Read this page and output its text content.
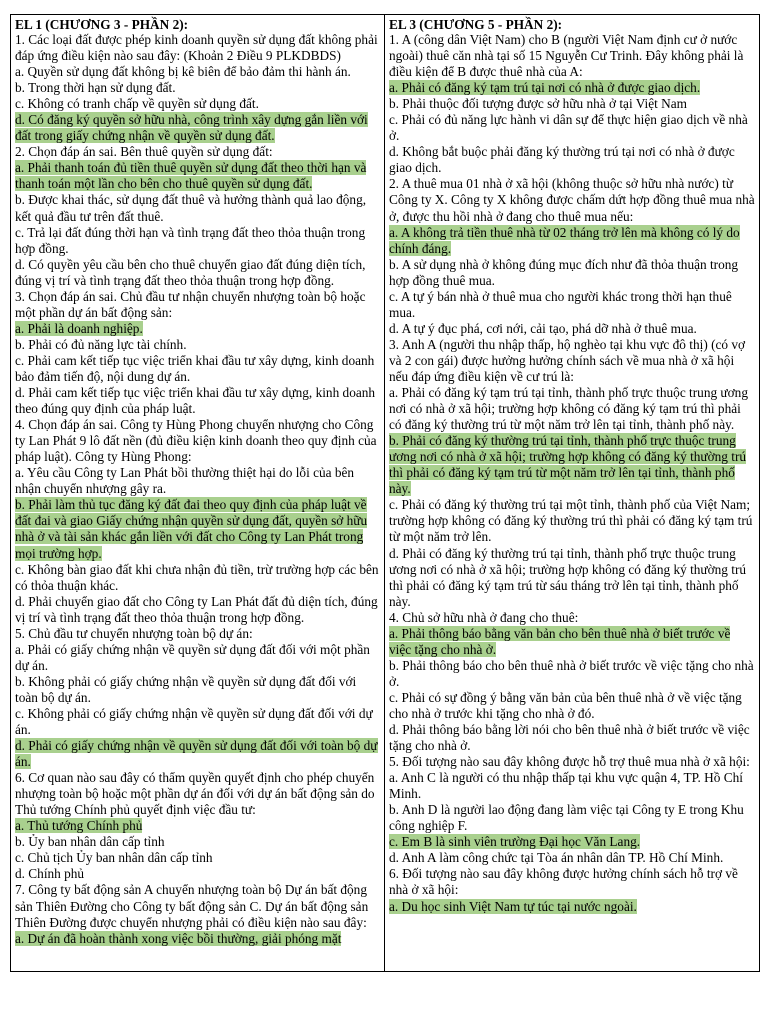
EL 1 (CHƯƠNG 3 - PHẦN 2):

1. Các loại đất được phép kinh doanh quyền sử dụng đất không phải đáp ứng điều kiện nào sau đây: (Khoản 2 Điều 9 PLKDBDS)

a. Quyền sử dụng đất không bị kê biên để bảo đảm thi hành án.

b. Trong thời hạn sử dụng đất.

c. Không có tranh chấp về quyền sử dụng đất.

d. Có đăng ký quyền sở hữu nhà, công trình xây dựng gắn liền với đất trong giấy chứng nhận về quyền sử dụng đất.

2. Chọn đáp án sai. Bên thuê quyền sử dụng đất:

a. Phải thanh toán đủ tiền thuê quyền sử dụng đất theo thời hạn và thanh toán một lần cho bên cho thuê quyền sử dụng đất.

b. Được khai thác, sử dụng đất thuê và hưởng thành quả lao động, kết quả đầu tư trên đất thuê.

c. Trả lại đất đúng thời hạn và tình trạng đất theo thỏa thuận trong hợp đồng.

d. Có quyền yêu cầu bên cho thuê chuyển giao đất đúng diện tích, đúng vị trí và tình trạng đất theo thỏa thuận trong hợp đồng.

3. Chọn đáp án sai. Chủ đầu tư nhận chuyển nhượng toàn bộ hoặc một phần dự án bất động sản:

a. Phải là doanh nghiệp.

b. Phải có đủ năng lực tài chính.

c. Phải cam kết tiếp tục việc triển khai đầu tư xây dựng, kinh doanh bảo đảm tiến độ, nội dung dự án.

d. Phải cam kết tiếp tục việc triển khai đầu tư xây dựng, kinh doanh theo đúng quy định của pháp luật.

4. Chọn đáp án sai. Công ty Hùng Phong chuyển nhượng cho Công ty Lan Phát 9 lô đất nền (đủ điều kiện kinh doanh theo quy định của pháp luật). Công ty Hùng Phong:

a. Yêu cầu Công ty Lan Phát bồi thường thiệt hại do lỗi của bên nhận chuyển nhượng gây ra.

b. Phải làm thủ tục đăng ký đất đai theo quy định của pháp luật về đất đai và giao Giấy chứng nhận quyền sử dụng đất, quyền sở hữu nhà ở và tài sản khác gắn liền với đất cho Công ty Lan Phát trong mọi trường hợp.

c. Không bàn giao đất khi chưa nhận đủ tiền, trừ trường hợp các bên có thỏa thuận khác.

d. Phải chuyển giao đất cho Công ty Lan Phát đất đủ diện tích, đúng vị trí và tình trạng đất theo thỏa thuận trong hợp đồng.

5. Chủ đầu tư chuyển nhượng toàn bộ dự án:

a. Phải có giấy chứng nhận về quyền sử dụng đất đối với một phần dự án.

b. Không phải có giấy chứng nhận về quyền sử dụng đất đối với toàn bộ dự án.

c. Không phải có giấy chứng nhận về quyền sử dụng đất đối với dự án.

d. Phải có giấy chứng nhận về quyền sử dụng đất đối với toàn bộ dự án.

6. Cơ quan nào sau đây có thẩm quyền quyết định cho phép chuyển nhượng toàn bộ hoặc một phần dự án đối với dự án bất động sản do Thủ tướng Chính phủ quyết định việc đầu tư:

a. Thủ tướng Chính phủ

b. Ủy ban nhân dân cấp tỉnh

c. Chủ tịch Ủy ban nhân dân cấp tỉnh

d. Chính phủ

7. Công ty bất động sản A chuyển nhượng toàn bộ Dự án bất động sản Thiên Đường cho Công ty bất động sản C. Dự án bất động sản Thiên Đường được chuyển nhượng phải có điều kiện nào sau đây:

a. Dự án đã hoàn thành xong việc bồi thường, giải phóng mặt

EL 3 (CHƯƠNG 5 - PHẦN 2):

1. A (công dân Việt Nam) cho B (người Việt Nam định cư ở nước ngoài) thuê căn nhà tại số 15 Nguyễn Cư Trinh. Đây không phải là điều kiện để B được thuê nhà của A:

a. Phải có đăng ký tạm trú tại nơi có nhà ở được giao dịch.

b. Phải thuộc đối tượng được sở hữu nhà ở tại Việt Nam

c. Phải có đủ năng lực hành vi dân sự để thực hiện giao dịch về nhà ở.

d. Không bắt buộc phải đăng ký thường trú tại nơi có nhà ở được giao dịch.

2. A thuê mua 01 nhà ở xã hội (không thuộc sở hữu nhà nước) từ Công ty X. Công ty X không được chấm dứt hợp đồng thuê mua nhà ở, được thu hồi nhà ở đang cho thuê mua nếu:

a. A không trả tiền thuê nhà từ 02 tháng trở lên mà không có lý do chính đáng.

b. A sử dụng nhà ở không đúng mục đích như đã thỏa thuận trong hợp đồng thuê mua.

c. A tự ý bán nhà ở thuê mua cho người khác trong thời hạn thuê mua.

d. A tự ý đục phá, cơi nới, cải tạo, phá dỡ nhà ở thuê mua.

3. Anh A (người thu nhập thấp, hộ nghèo tại khu vực đô thị) (có vợ và 2 con gái) được hưởng hưởng chính sách về mua nhà ở xã hội nếu đáp ứng điều kiện về cư trú là:

a. Phải có đăng ký tạm trú tại tỉnh, thành phố trực thuộc trung ương nơi có nhà ở xã hội; trường hợp không có đăng ký tạm trú thì phải có đăng ký thường trú từ một năm trở lên tại tỉnh, thành phố này.

b. Phải có đăng ký thường trú tại tỉnh, thành phố trực thuộc trung ương nơi có nhà ở xã hội; trường hợp không có đăng ký thường trú thì phải có đăng ký tạm trú từ một năm trở lên tại tỉnh, thành phố này.

c. Phải có đăng ký thường trú tại một tỉnh, thành phố của Việt Nam; trường hợp không có đăng ký thường trú thì phải có đăng ký tạm trú từ một năm trở lên.

d. Phải có đăng ký thường trú tại tỉnh, thành phố trực thuộc trung ương nơi có nhà ở xã hội; trường hợp không có đăng ký thường trú thì phải có đăng ký tạm trú từ sáu tháng trở lên tại tỉnh, thành phố này.

4. Chủ sở hữu nhà ở đang cho thuê:

a. Phải thông báo bằng văn bản cho bên thuê nhà ở biết trước về việc tặng cho nhà ở.

b. Phải thông báo cho bên thuê nhà ở biết trước về việc tặng cho nhà ở.

c. Phải có sự đồng ý bằng văn bản của bên thuê nhà ở về việc tặng cho nhà ở trước khi tặng cho nhà ở đó.

d. Phải thông báo bằng lời nói cho bên thuê nhà ở biết trước về việc tặng cho nhà ở.

5. Đối tượng nào sau đây không được hỗ trợ thuê mua nhà ở xã hội:

a. Anh C là người có thu nhập thấp tại khu vực quận 4, TP. Hồ Chí Minh.

b. Anh D là người lao động đang làm việc tại Công ty E trong Khu công nghiệp F.

c. Em B là sinh viên trường Đại học Văn Lang.

d. Anh A làm công chức tại Tòa án nhân dân TP. Hồ Chí Minh.

6. Đối tượng nào sau đây không được hưởng chính sách hỗ trợ về nhà ở xã hội:

a. Du học sinh Việt Nam tự túc tại nước ngoài.
